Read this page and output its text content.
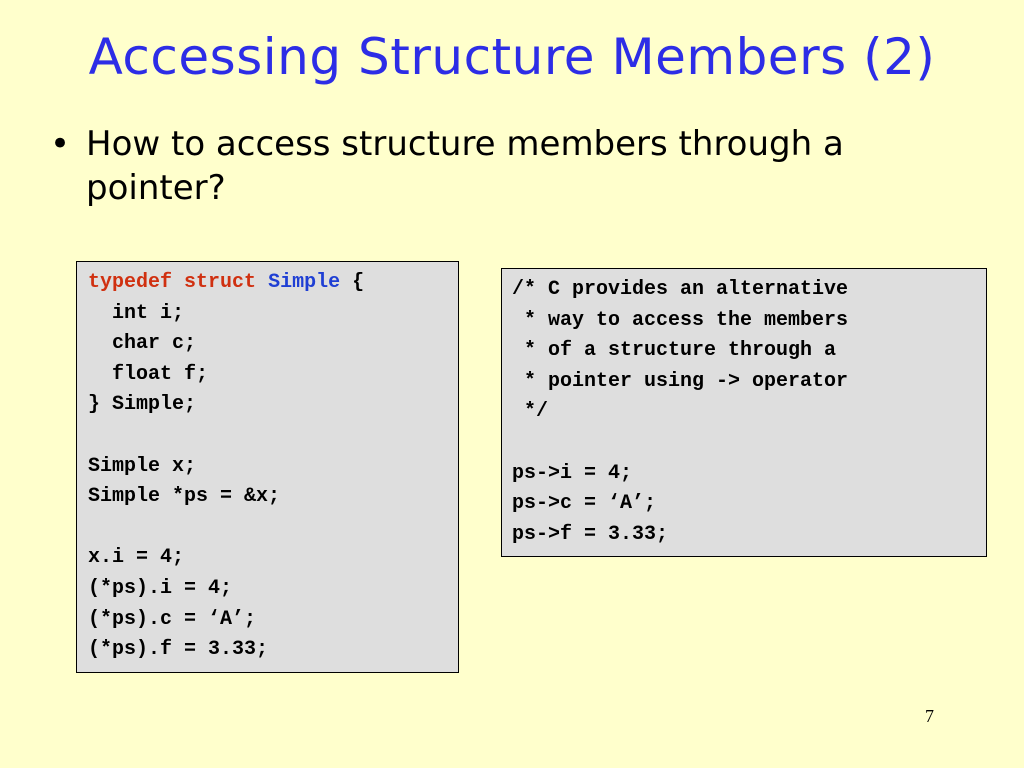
Accessing Structure Members (2)
• How to access structure members through a pointer?
typedef struct Simple {
int i;
char c;
float f;
} Simple;
Simple x;
Simple *ps = &x;
x.i = 4;
(*ps).i = 4;
(*ps).c = ‘A’;
(*ps).f = 3.33;
/* C provides an alternative
* way to access the members
* of a structure through a
* pointer using -> operator
*/
ps->i = 4;
ps->c = ‘A’;
ps->f = 3.33;
7
